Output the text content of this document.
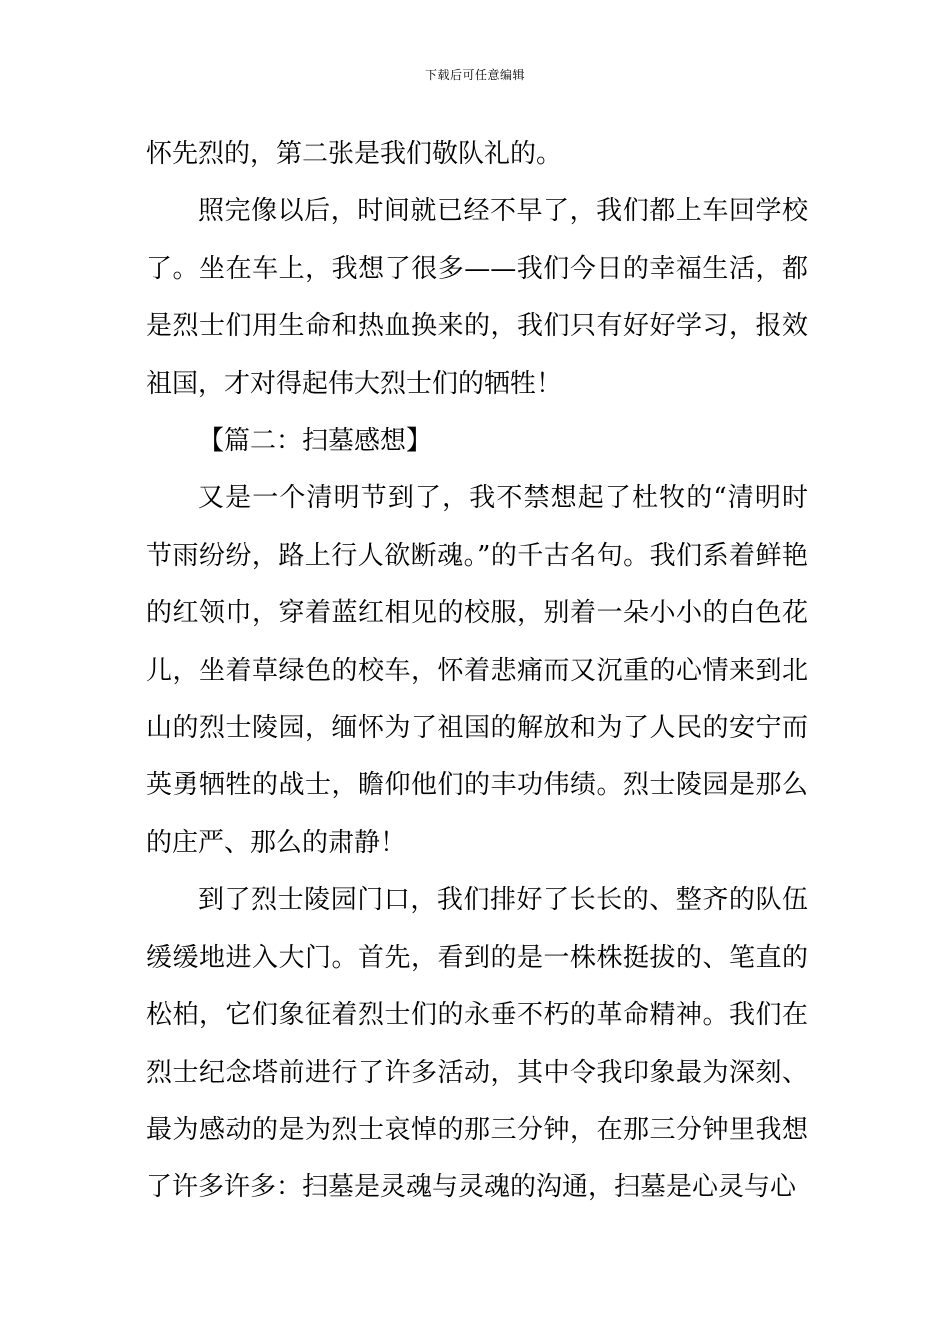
下载后可任意编辑

怀先烈的，第二张是我们敬队礼的。

照完像以后，时间就已经不早了，我们都上车回学校了。坐在车上，我想了很多——我们今日的幸福生活，都是烈士们用生命和热血换来的，我们只有好好学习，报效祖国，才对得起伟大烈士们的牺牲！

【篇二：扫墓感想】

又是一个清明节到了，我不禁想起了杜牧的“清明时节雨纷纷，路上行人欲断魂。”的千古名句。我们系着鲜艳的红领巾，穿着蓝红相见的校服，别着一朵小小的白色花儿，坐着草绿色的校车，怀着悲痛而又沉重的心情来到北山的烈士陵园，缅怀为了祖国的解放和为了人民的安宁而英勇牺牲的战士，瞻仰他们的丰功伟绩。烈士陵园是那么的庄严、那么的肃静！

到了烈士陵园门口，我们排好了长长的、整齐的队伍缓缓地进入大门。首先，看到的是一株株挺拔的、笔直的松柏，它们象征着烈士们的永垂不朽的革命精神。我们在烈士纪念塔前进行了许多活动，其中令我印象最为深刻、最为感动的是为烈士哀悼的那三分钟，在那三分钟里我想了许多许多：扫墓是灵魂与灵魂的沟通，扫墓是心灵与心
